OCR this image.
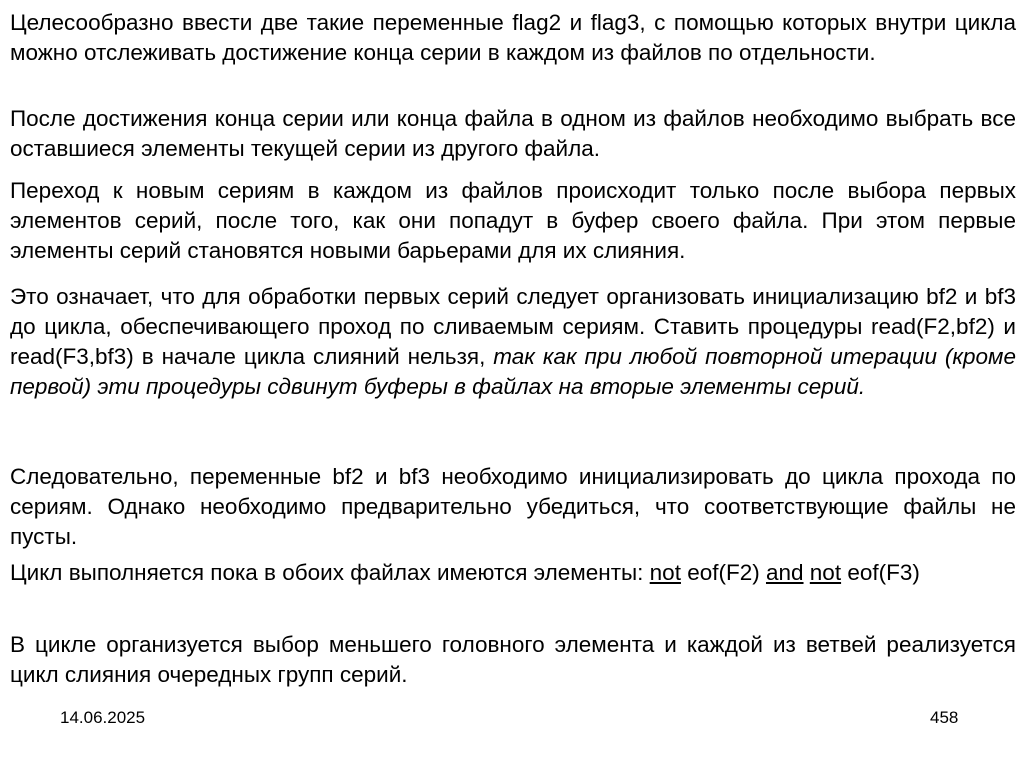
Целесообразно ввести две такие переменные flag2 и flag3, с помощью которых внутри цикла можно отслеживать достижение конца серии в каждом из файлов по отдельности.

После достижения конца серии или конца файла в одном из файлов необходимо выбрать все оставшиеся элементы текущей серии из другого файла.

Переход к новым сериям в каждом из файлов происходит только после выбора первых элементов серий, после того, как они попадут в буфер своего файла. При этом первые элементы серий становятся новыми барьерами для их слияния.

Это означает, что для обработки первых серий следует организовать инициализацию bf2 и bf3 до цикла, обеспечивающего проход по сливаемым сериям. Ставить процедуры read(F2,bf2) и read(F3,bf3) в начале цикла слияний нельзя, так как при любой повторной итерации (кроме первой) эти процедуры сдвинут буферы в файлах на вторые элементы серий.

Следовательно, переменные bf2 и bf3 необходимо инициализировать до цикла прохода по сериям. Однако необходимо предварительно убедиться, что соответствующие файлы не пусты.

Цикл выполняется пока в обоих файлах имеются элементы: not eof(F2) and not eof(F3)

В цикле организуется выбор меньшего головного элемента и каждой из ветвей реализуется цикл слияния очередных групп серий.

14.06.2025	458
